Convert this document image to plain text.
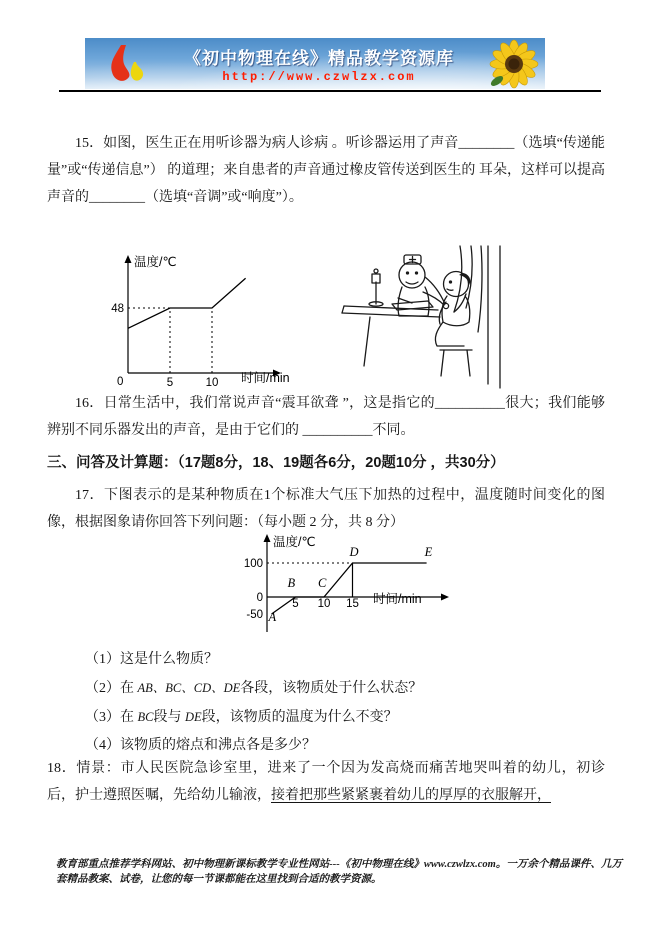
《初中物理在线》精品教学资源库
http://www.czwlzx.com

15．如图，医生正在用听诊器为病人诊病 。听诊器运用了声音________（选填“传递能量”或“传递信息”） 的道理；来自患者的声音通过橡皮管传送到医生的 耳朵，这样可以提高声音的________（选填“音调”或“响度”）。

温度/℃
时间/min
5	10
48
0

16．日常生活中，我们常说声音“震耳欲聋 ”，这是指它的__________很大；我们能够辨别不同乐器发出的声音，是由于它们的 __________不同。

三、问答及计算题：（17题8分，18、19题各6分，20题10分 ，共30分）

17．下图表示的是某种物质在1个标准大气压下加热的过程中，温度随时间变化的图像，根据图象请你回答下列问题：（每小题 2 分，共 8 分）

温度/℃
时间/min
5 10 15
100
0
-50 A
B C
D	E

（1）这是什么物质？

（2）在 AB、BC、CD、DE各段，该物质处于什么状态？

（3）在 BC段与 DE段，该物质的温度为什么不变？

（4）该物质的熔点和沸点各是多少？

18．情景：市人民医院急诊室里，进来了一个因为发高烧而痛苦地哭叫着的幼儿，初诊后，护士遵照医嘱，先给幼儿输液，接着把那些紧紧裹着幼儿的厚厚的衣服解开，

教育部重点推荐学科网站、初中物理新课标教学专业性网站---《初中物理在线》www.czwlzx.com。一万余个精品课件、几万套精品教案、试卷，让您的每一节课都能在这里找到合适的教学资源。
